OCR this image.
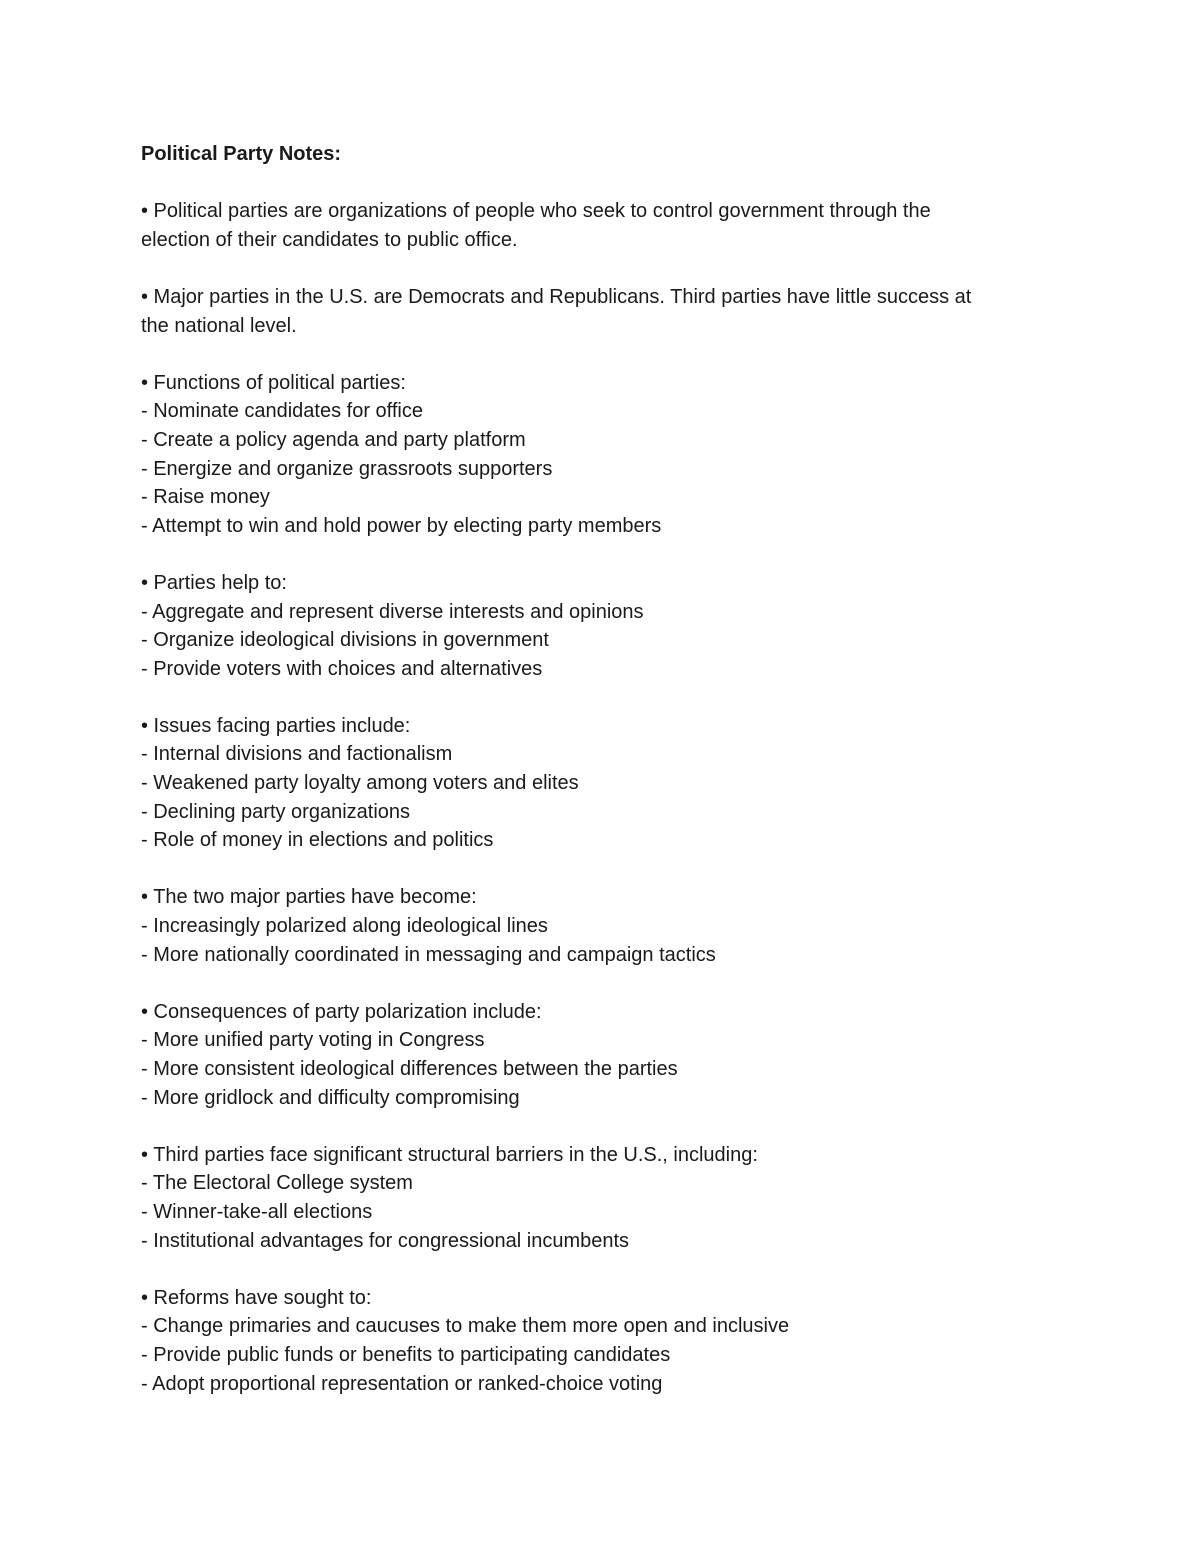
Political Party Notes:
• Political parties are organizations of people who seek to control government through the
election of their candidates to public office.
• Major parties in the U.S. are Democrats and Republicans. Third parties have little success at
the national level.
• Functions of political parties:
- Nominate candidates for office
- Create a policy agenda and party platform
- Energize and organize grassroots supporters
- Raise money
- Attempt to win and hold power by electing party members
• Parties help to:
- Aggregate and represent diverse interests and opinions
- Organize ideological divisions in government
- Provide voters with choices and alternatives
• Issues facing parties include:
- Internal divisions and factionalism
- Weakened party loyalty among voters and elites
- Declining party organizations
- Role of money in elections and politics
• The two major parties have become:
- Increasingly polarized along ideological lines
- More nationally coordinated in messaging and campaign tactics
• Consequences of party polarization include:
- More unified party voting in Congress
- More consistent ideological differences between the parties
- More gridlock and difficulty compromising
• Third parties face significant structural barriers in the U.S., including:
- The Electoral College system
- Winner-take-all elections
- Institutional advantages for congressional incumbents
• Reforms have sought to:
- Change primaries and caucuses to make them more open and inclusive
- Provide public funds or benefits to participating candidates
- Adopt proportional representation or ranked-choice voting
